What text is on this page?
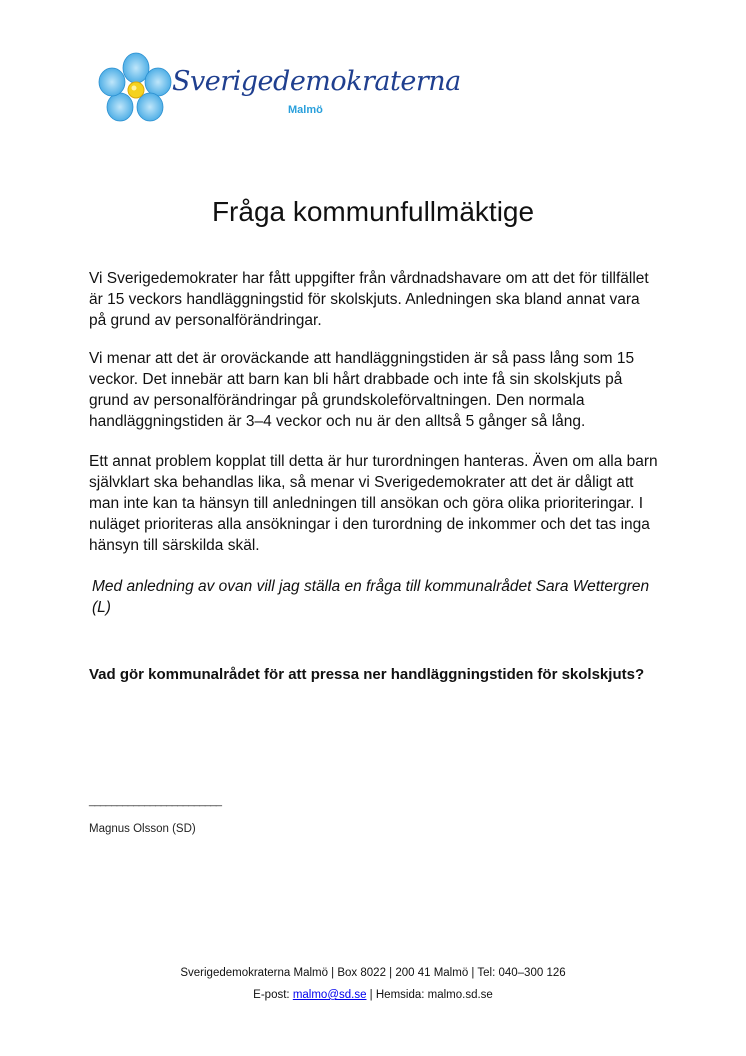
Sverigedemokraterna
Malmö
Fråga kommunfullmäktige

Vi Sverigedemokrater har fått uppgifter från vårdnadshavare om att det för tillfället är 15 veckors handläggningstid för skolskjuts. Anledningen ska bland annat vara på grund av personalförändringar.

Vi menar att det är oroväckande att handläggningstiden är så pass lång som 15 veckor. Det innebär att barn kan bli hårt drabbade och inte få sin skolskjuts på grund av personalförändringar på grundskoleförvaltningen. Den normala handläggningstiden är 3–4 veckor och nu är den alltså 5 gånger så lång.

Ett annat problem kopplat till detta är hur turordningen hanteras. Även om alla barn självklart ska behandlas lika, så menar vi Sverigedemokrater att det är dåligt att man inte kan ta hänsyn till anledningen till ansökan och göra olika prioriteringar. I nuläget prioriteras alla ansökningar i den turordning de inkommer och det tas inga hänsyn till särskilda skäl.

Med anledning av ovan vill jag ställa en fråga till kommunalrådet Sara Wettergren (L)

Vad gör kommunalrådet för att pressa ner handläggningstiden för skolskjuts?
________________________
Magnus Olsson (SD)
Sverigedemokraterna Malmö | Box 8022 | 200 41 Malmö | Tel: 040–300 126
E-post: malmo@sd.se | Hemsida: malmo.sd.se
